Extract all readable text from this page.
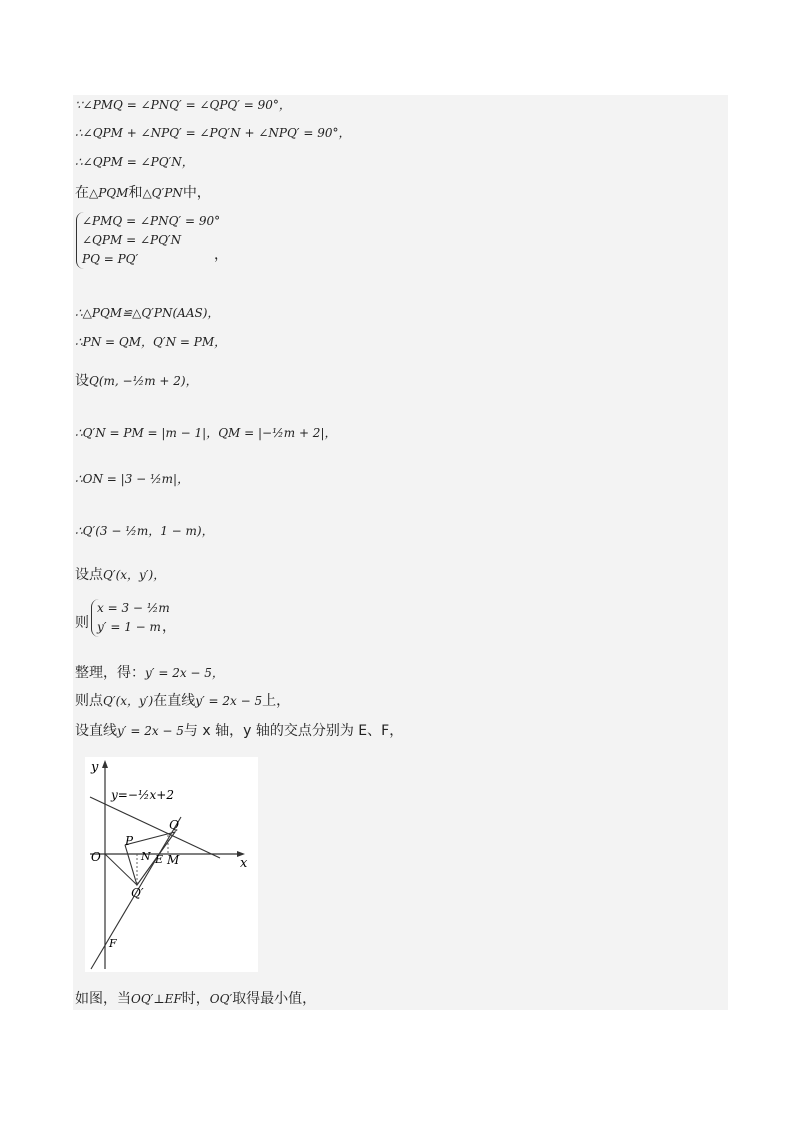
∵∠PMQ = ∠PNQ′ = ∠QPQ′ = 90°，
∴∠QPM + ∠NPQ′ = ∠PQ′N + ∠NPQ′ = 90°，
∴∠QPM = ∠PQ′N，
在△PQM和△Q′PN中，
∠PMQ = ∠PNQ′ = 90°
∠QPM = ∠PQ′N
PQ = PQ′	，
∴△PQM≌△Q′PN(AAS)，
∴PN = QM，Q′N = PM，
设Q(m, −½m + 2)，
∴Q′N = PM = |m − 1|，QM = |−½m + 2|，
∴ON = |3 − ½m|，
∴Q′(3 − ½m，1 − m)，
设点Q′(x，y′)，
则
x = 3 − ½m
y′ = 1 − m ，
整理，得：y′ = 2x − 5，
则点Q′(x，y′)在直线y′ = 2x − 5上，
设直线y′ = 2x − 5与 x 轴，y 轴的交点分别为 E、F，
y
x
y=−½x+2
O
P
Q
N E M
Q′
F
如图，当OQ′⊥EF时，OQ′取得最小值，
